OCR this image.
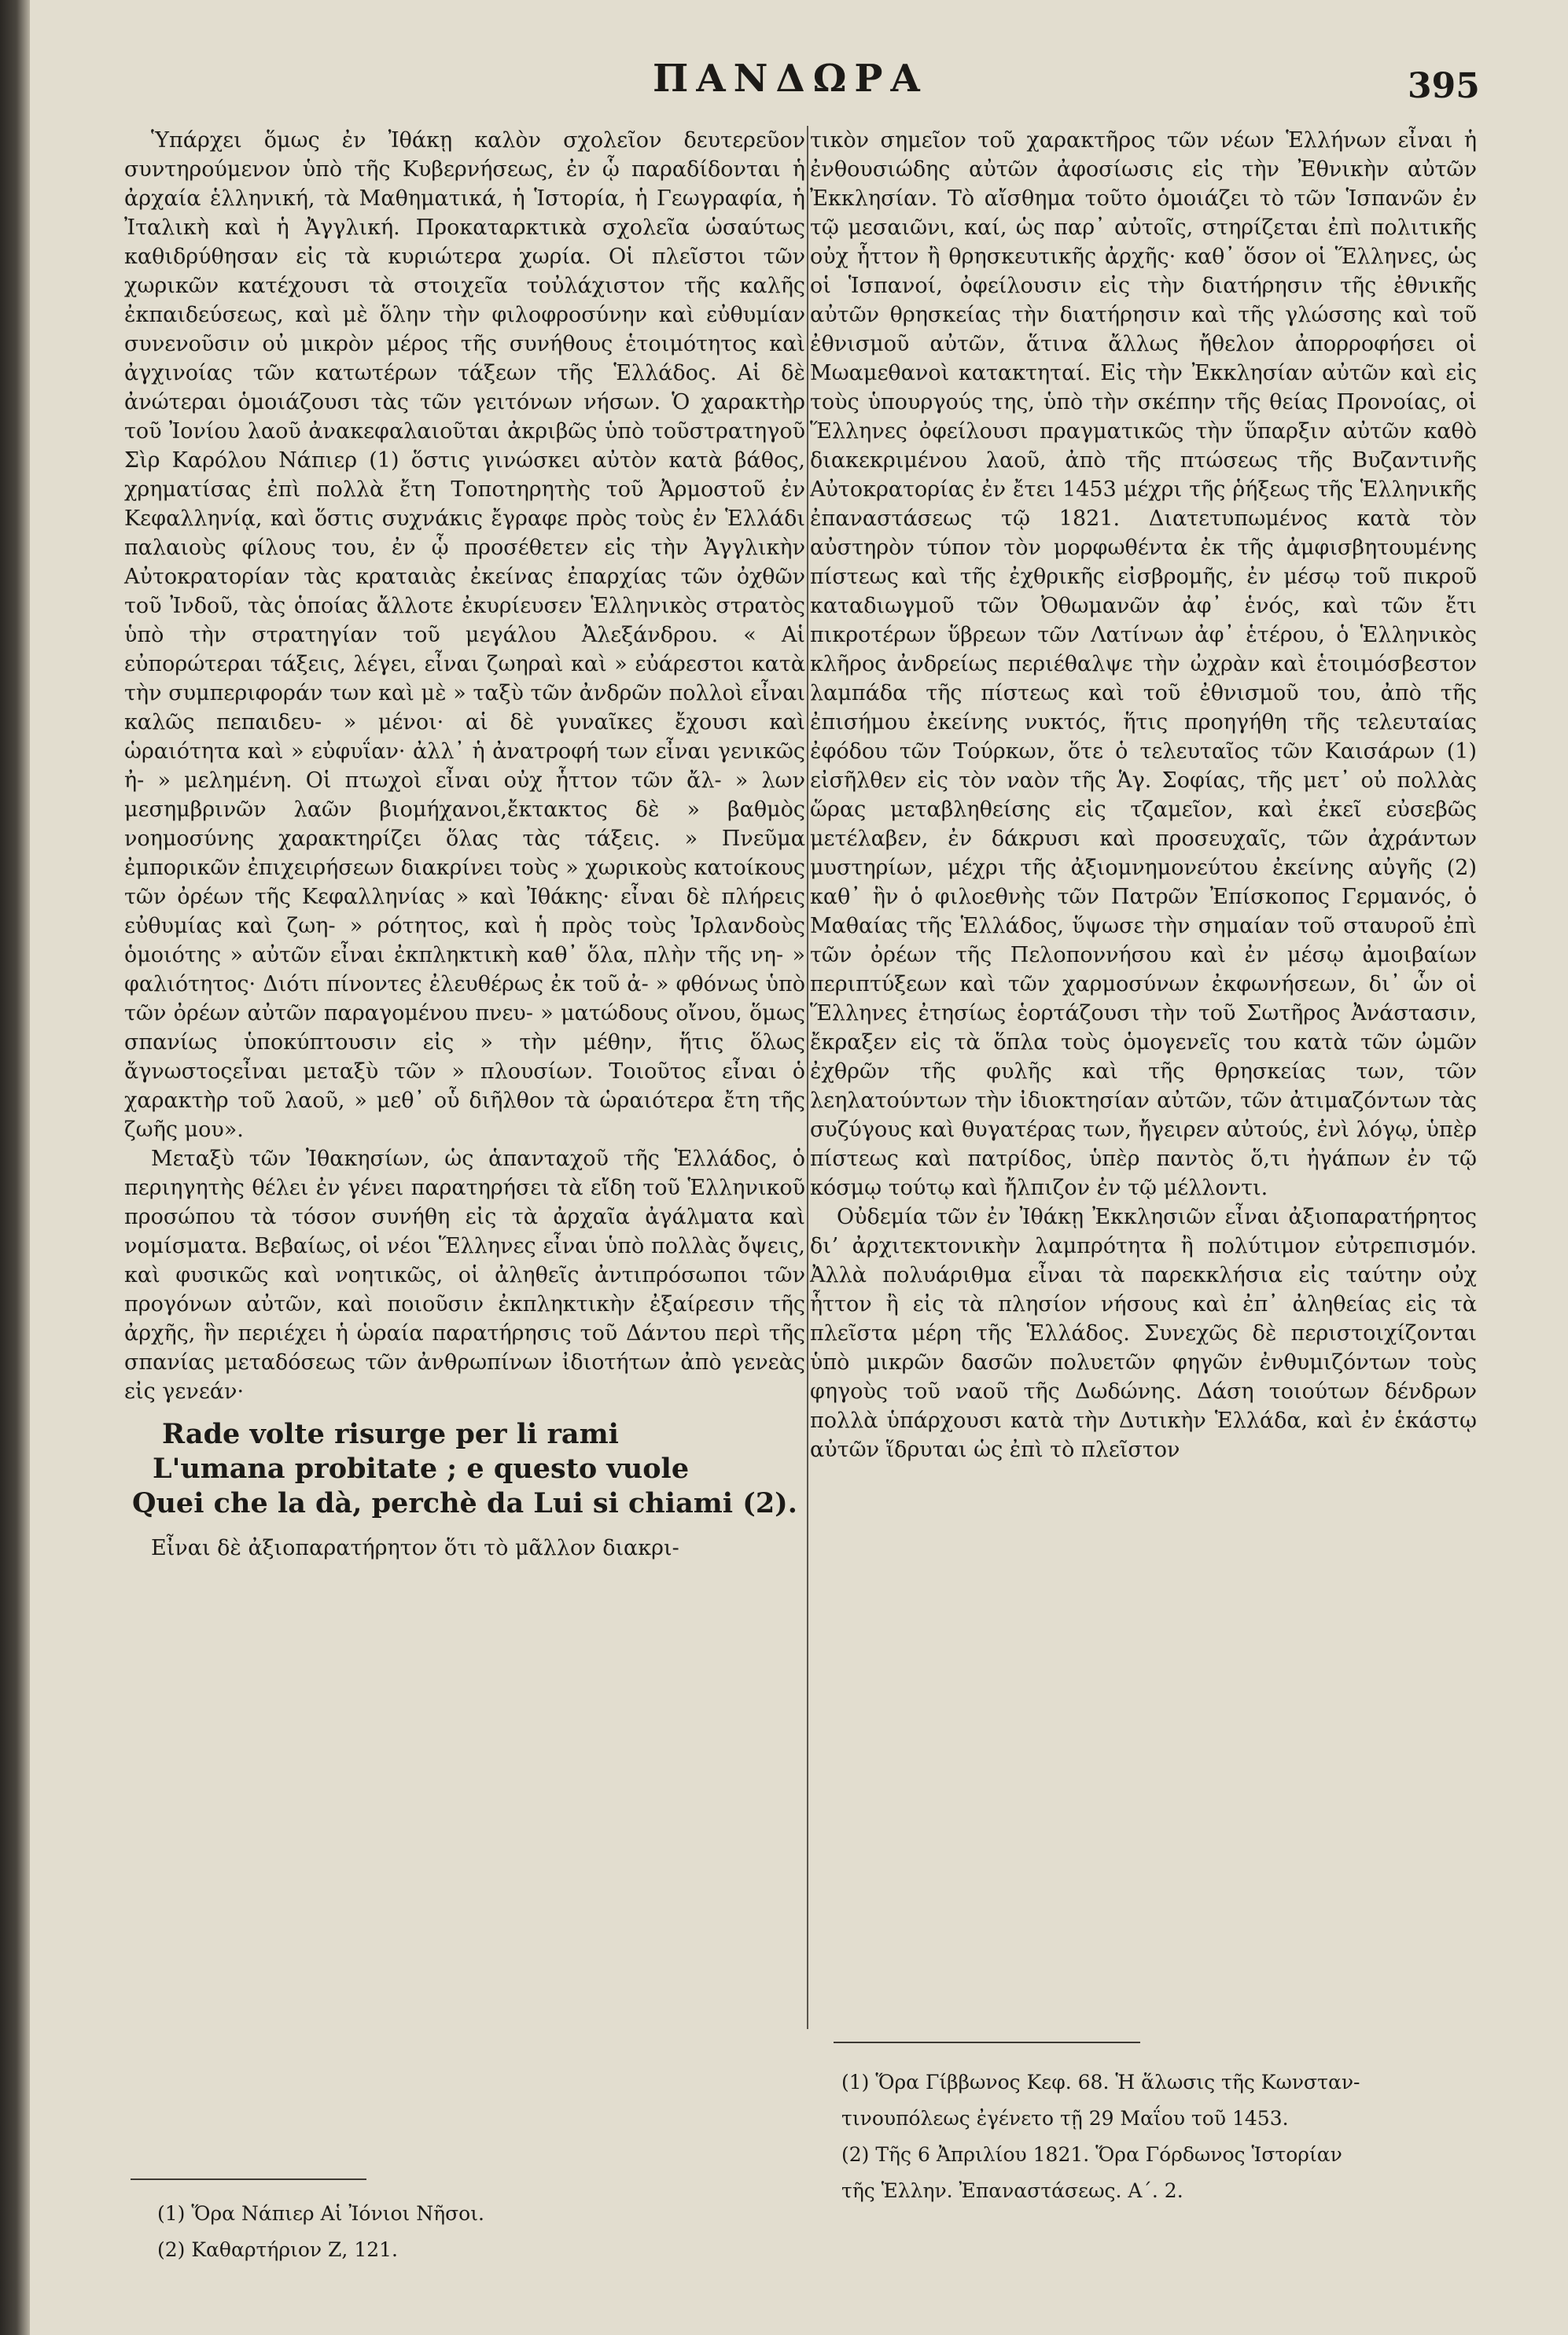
ΠΑΝΔΩΡΑ	395

Ὑπάρχει ὅμως ἐν Ἰθάκῃ καλὸν σχολεῖον δευτερεῦον συντηρούμενον ὑπὸ τῆς Κυβερνήσεως, ἐν ᾧ παραδίδονται ἡ ἀρχαία ἑλληνική, τὰ Μαθηματικά, ἡ Ἱστορία, ἡ Γεωγραφία, ἡ Ἰταλικὴ καὶ ἡ Ἀγγλική. Προκαταρκτικὰ σχολεῖα ὡσαύτως καθιδρύθησαν εἰς τὰ κυριώτερα χωρία. Οἱ πλεῖστοι τῶν χωρικῶν κατέχουσι τὰ στοιχεῖα τοὐλάχιστον τῆς καλῆς ἐκπαιδεύσεως, καὶ μὲ ὅλην τὴν φιλοφροσύνην καὶ εὐθυμίαν συνενοῦσιν οὐ μικρὸν μέρος τῆς συνήθους ἑτοιμότητος καὶ ἀγχινοίας τῶν κατωτέρων τάξεων τῆς Ἑλλάδος. Αἱ δὲ ἀνώτεραι ὁμοιάζουσι τὰς τῶν γειτόνων νήσων. Ὁ χαρακτὴρ τοῦ Ἰονίου λαοῦ ἀνακεφαλαιοῦται ἀκριβῶς ὑπὸ τοῦστρατηγοῦ Σὶρ Καρόλου Νάπιερ (1) ὅστις γινώσκει αὐτὸν κατὰ βάθος, χρηματίσας ἐπὶ πολλὰ ἔτη Τοποτηρητὴς τοῦ Ἀρμοστοῦ ἐν Κεφαλληνίᾳ, καὶ ὅστις συχνάκις ἔγραφε πρὸς τοὺς ἐν Ἑλλάδι παλαιοὺς φίλους του, ἐν ᾧ προσέθετεν εἰς τὴν Ἀγγλικὴν Αὐτοκρατορίαν τὰς κραταιὰς ἐκείνας ἐπαρχίας τῶν ὀχθῶν τοῦ Ἰνδοῦ, τὰς ὁποίας ἄλλοτε ἐκυρίευσεν Ἑλληνικὸς στρατὸς ὑπὸ τὴν στρατηγίαν τοῦ μεγάλου Ἀλεξάνδρου. « Αἱ εὐπορώτεραι τάξεις, λέγει, εἶναι ζωηραὶ καὶ » εὐάρεστοι κατὰ τὴν συμπεριφοράν των καὶ μὲ » ταξὺ τῶν ἀνδρῶν πολλοὶ εἶναι καλῶς πεπαιδευ- » μένοι· αἱ δὲ γυναῖκες ἔχουσι καὶ ὡραιότητα καὶ » εὐφυΐαν· ἀλλ᾽ ἡ ἀνατροφή των εἶναι γενικῶς ἠ- » μελημένη. Οἱ πτωχοὶ εἶναι οὐχ ἧττον τῶν ἄλ- » λων μεσημβρινῶν λαῶν βιομήχανοι,ἔκτακτος δὲ » βαθμὸς νοημοσύνης χαρακτηρίζει ὅλας τὰς τάξεις. » Πνεῦμα ἐμπορικῶν ἐπιχειρήσεων διακρίνει τοὺς » χωρικοὺς κατοίκους τῶν ὀρέων τῆς Κεφαλληνίας » καὶ Ἰθάκης· εἶναι δὲ πλήρεις εὐθυμίας καὶ ζωη- » ρότητος, καὶ ἡ πρὸς τοὺς Ἰρλανδοὺς ὁμοιότης » αὐτῶν εἶναι ἐκπληκτικὴ καθ᾽ ὅλα, πλὴν τῆς νη- » φαλιότητος· Διότι πίνοντες ἐλευθέρως ἐκ τοῦ ἀ- » φθόνως ὑπὸ τῶν ὀρέων αὐτῶν παραγομένου πνευ- » ματώδους οἴνου, ὅμως σπανίως ὑποκύπτουσιν εἰς » τὴν μέθην, ἥτις ὅλως ἄγνωστοςεἶναι μεταξὺ τῶν » πλουσίων. Τοιοῦτος εἶναι ὁ χαρακτὴρ τοῦ λαοῦ, » μεθ᾽ οὗ διῆλθον τὰ ὡραιότερα ἔτη τῆς ζωῆς μου».

Μεταξὺ τῶν Ἰθακησίων, ὡς ἁπανταχοῦ τῆς Ἑλλάδος, ὁ περιηγητὴς θέλει ἐν γένει παρατηρήσει τὰ εἴδη τοῦ Ἑλληνικοῦ προσώπου τὰ τόσον συνήθη εἰς τὰ ἀρχαῖα ἀγάλματα καὶ νομίσματα. Βεβαίως, οἱ νέοι Ἕλληνες εἶναι ὑπὸ πολλὰς ὄψεις, καὶ φυσικῶς καὶ νοητικῶς, οἱ ἀληθεῖς ἀντιπρόσωποι τῶν προγόνων αὐτῶν, καὶ ποιοῦσιν ἐκπληκτικὴν ἐξαίρεσιν τῆς ἀρχῆς, ἣν περιέχει ἡ ὡραία παρατήρησις τοῦ Δάντου περὶ τῆς σπανίας μεταδόσεως τῶν ἀνθρωπίνων ἰδιοτήτων ἀπὸ γενεὰς εἰς γενεάν·

Rade volte risurge per li rami
L'umana probitate ; e questo vuole
Quei che la dà, perchè da Lui si chiami (2).

Εἶναι δὲ ἀξιοπαρατήρητον ὅτι τὸ μᾶλλον διακρι-

τικὸν σημεῖον τοῦ χαρακτῆρος τῶν νέων Ἑλλήνων εἶναι ἡ ἐνθουσιώδης αὐτῶν ἀφοσίωσις εἰς τὴν Ἐθνικὴν αὐτῶν Ἐκκλησίαν. Τὸ αἴσθημα τοῦτο ὁμοιάζει τὸ τῶν Ἱσπανῶν ἐν τῷ μεσαιῶνι, καί, ὡς παρ᾽ αὐτοῖς, στηρίζεται ἐπὶ πολιτικῆς οὐχ ἧττον ἢ θρησκευτικῆς ἀρχῆς· καθ᾽ ὅσον οἱ Ἕλληνες, ὡς οἱ Ἱσπανοί, ὀφείλουσιν εἰς τὴν διατήρησιν τῆς ἐθνικῆς αὐτῶν θρησκείας τὴν διατήρησιν καὶ τῆς γλώσσης καὶ τοῦ ἐθνισμοῦ αὐτῶν, ἅτινα ἄλλως ἤθελον ἀπορροφήσει οἱ Μωαμεθανοὶ κατακτηταί. Εἰς τὴν Ἐκκλησίαν αὐτῶν καὶ εἰς τοὺς ὑπουργούς της, ὑπὸ τὴν σκέπην τῆς θείας Προνοίας, οἱ Ἕλληνες ὀφείλουσι πραγματικῶς τὴν ὕπαρξιν αὐτῶν καθὸ διακεκριμένου λαοῦ, ἀπὸ τῆς πτώσεως τῆς Βυζαντινῆς Αὐτοκρατορίας ἐν ἔτει 1453 μέχρι τῆς ῥήξεως τῆς Ἑλληνικῆς ἐπαναστάσεως τῷ 1821. Διατετυπωμένος κατὰ τὸν αὐστηρὸν τύπον τὸν μορφωθέντα ἐκ τῆς ἀμφισβητουμένης πίστεως καὶ τῆς ἐχθρικῆς εἰσβρομῆς, ἐν μέσῳ τοῦ πικροῦ καταδιωγμοῦ τῶν Ὀθωμανῶν ἀφ᾽ ἑνός, καὶ τῶν ἔτι πικροτέρων ὕβρεων τῶν Λατίνων ἀφ᾽ ἑτέρου, ὁ Ἑλληνικὸς κλῆρος ἀνδρείως περιέθαλψε τὴν ὠχρὰν καὶ ἑτοιμόσβεστον λαμπάδα τῆς πίστεως καὶ τοῦ ἐθνισμοῦ του, ἀπὸ τῆς ἐπισήμου ἐκείνης νυκτός, ἥτις προηγήθη τῆς τελευταίας ἐφόδου τῶν Τούρκων, ὅτε ὁ τελευταῖος τῶν Καισάρων (1) εἰσῆλθεν εἰς τὸν ναὸν τῆς Ἁγ. Σοφίας, τῆς μετ᾽ οὐ πολλὰς ὥρας μεταβληθείσης εἰς τζαμεῖον, καὶ ἐκεῖ εὐσεβῶς μετέλαβεν, ἐν δάκρυσι καὶ προσευχαῖς, τῶν ἀχράντων μυστηρίων, μέχρι τῆς ἀξιομνημονεύτου ἐκείνης αὐγῆς (2) καθ᾽ ἣν ὁ φιλοεθνὴς τῶν Πατρῶν Ἐπίσκοπος Γερμανός, ὁ Μαθαίας τῆς Ἑλλάδος, ὕψωσε τὴν σημαίαν τοῦ σταυροῦ ἐπὶ τῶν ὀρέων τῆς Πελοποννήσου καὶ ἐν μέσῳ ἀμοιβαίων περιπτύξεων καὶ τῶν χαρμοσύνων ἐκφωνήσεων, δι᾽ ὧν οἱ Ἕλληνες ἐτησίως ἑορτάζουσι τὴν τοῦ Σωτῆρος Ἀνάστασιν, ἔκραξεν εἰς τὰ ὅπλα τοὺς ὁμογενεῖς του κατὰ τῶν ὠμῶν ἐχθρῶν τῆς φυλῆς καὶ τῆς θρησκείας των, τῶν λεηλατούντων τὴν ἰδιοκτησίαν αὐτῶν, τῶν ἀτιμαζόντων τὰς συζύγους καὶ θυγατέρας των, ἤγειρεν αὐτούς, ἐνὶ λόγῳ, ὑπὲρ πίστεως καὶ πατρίδος, ὑπὲρ παντὸς ὅ,τι ἠγάπων ἐν τῷ κόσμῳ τούτῳ καὶ ἤλπιζον ἐν τῷ μέλλοντι.

Οὐδεμία τῶν ἐν Ἰθάκῃ Ἐκκλησιῶν εἶναι ἀξιοπαρατήρητος διʼ ἀρχιτεκτονικὴν λαμπρότητα ἢ πολύτιμον εὐτρεπισμόν. Ἀλλὰ πολυάριθμα εἶναι τὰ παρεκκλήσια εἰς ταύτην οὐχ ἧττον ἢ εἰς τὰ πλησίον νήσους καὶ ἐπ᾽ ἀληθείας εἰς τὰ πλεῖστα μέρη τῆς Ἑλλάδος. Συνεχῶς δὲ περιστοιχίζονται ὑπὸ μικρῶν δασῶν πολυετῶν φηγῶν ἐνθυμιζόντων τοὺς φηγοὺς τοῦ ναοῦ τῆς Δωδώνης. Δάση τοιούτων δένδρων πολλὰ ὑπάρχουσι κατὰ τὴν Δυτικὴν Ἑλλάδα, καὶ ἐν ἑκάστῳ αὐτῶν ἵδρυται ὡς ἐπὶ τὸ πλεῖστον

(1) Ὅρα Γίββωνος Κεφ. 68. Ἡ ἅλωσις τῆς Κωνσταν-
τινουπόλεως ἐγένετο τῇ 29 Μαΐου τοῦ 1453.
(2) Τῆς 6 Ἀπριλίου 1821. Ὅρα Γόρδωνος Ἱστορίαν
τῆς Ἑλλην. Ἐπαναστάσεως. Α΄. 2.
(1) Ὅρα Νάπιερ Αἱ Ἰόνιοι Νῆσοι.
(2) Καθαρτήριον Ζ, 121.
